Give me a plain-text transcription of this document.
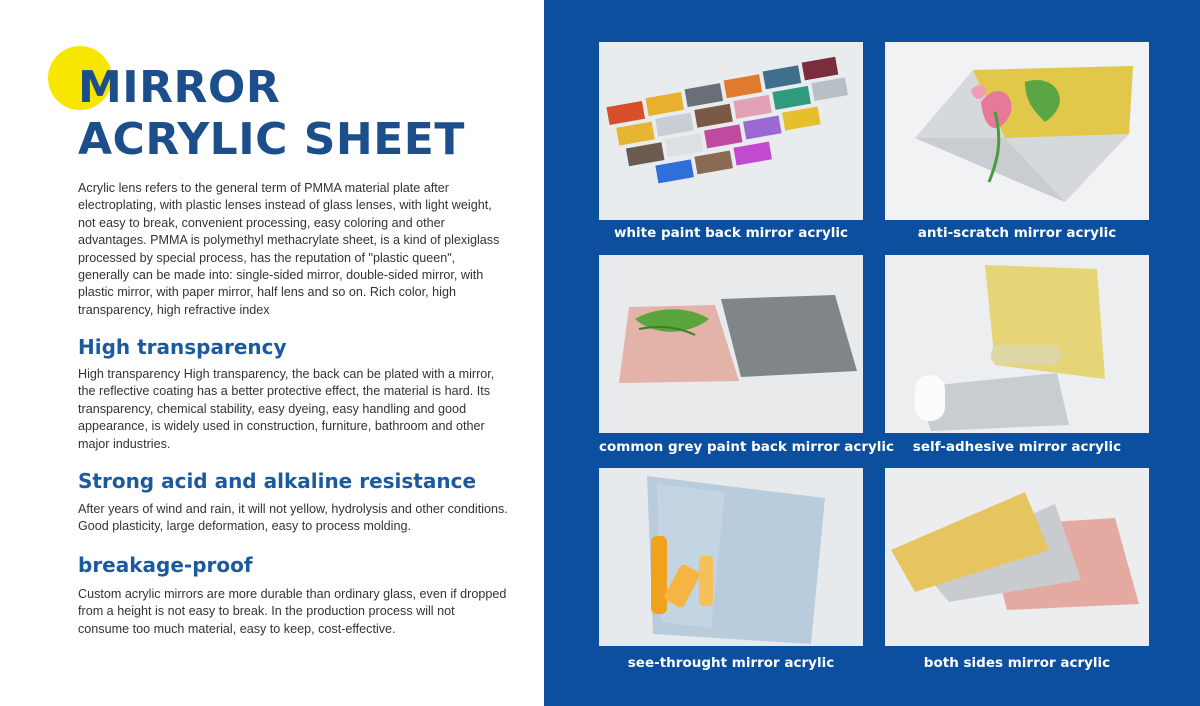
MIRROR
ACRYLIC SHEET

Acrylic lens refers to the general term of PMMA material plate after electroplating, with plastic lenses instead of glass lenses, with light weight, not easy to break, convenient processing, easy coloring and other advantages. PMMA is polymethyl methacrylate sheet, is a kind of plexiglass processed by special process, has the reputation of "plastic queen", generally can be made into: single-sided mirror, double-sided mirror, with plastic mirror, with paper mirror, half lens and so on. Rich color, high transparency, high refractive index

High transparency

High transparency High transparency, the back can be plated with a mirror, the reflective coating has a better protective effect, the material is hard. Its transparency, chemical stability, easy dyeing, easy handling and good appearance, is widely used in construction, furniture, bathroom and other major industries.

Strong acid and alkaline resistance

After years of wind and rain, it will not yellow, hydrolysis and other conditions. Good plasticity, large deformation, easy to process molding.

breakage-proof

Custom acrylic mirrors are more durable than ordinary glass, even if dropped from a height is not easy to break. In the production process will not consume too much material, easy to keep, cost-effective.

white paint back mirror acrylic	anti-scratch mirror acrylic
common grey paint back mirror acrylic	self-adhesive mirror acrylic
see-throught mirror acrylic	both sides mirror acrylic
